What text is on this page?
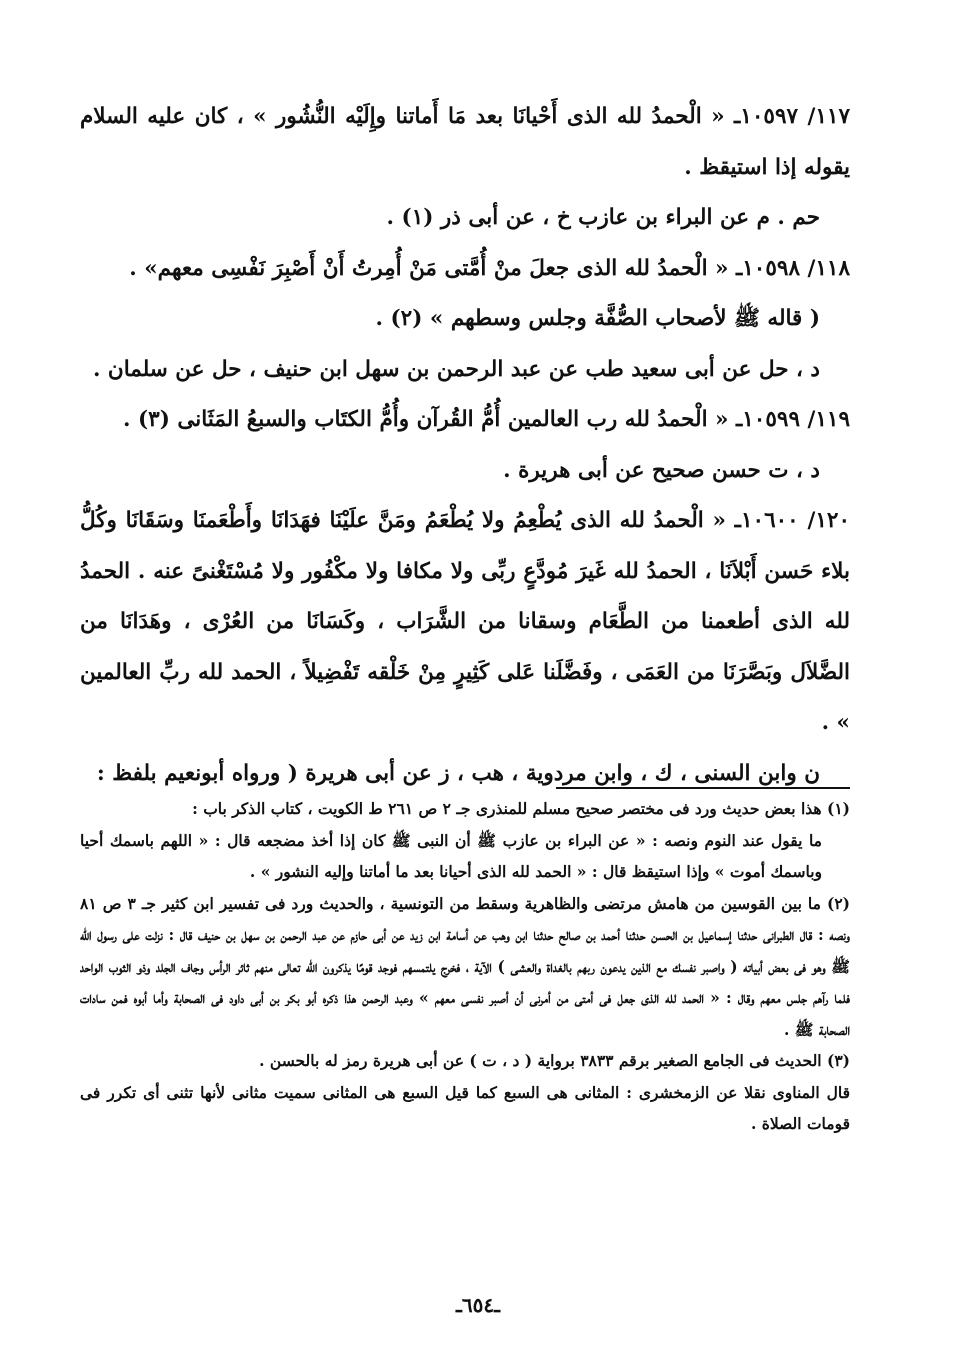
١١٧/ ١٠٥٩٧ـ « الْحمدُ لله الذى أَحْيانَا بعد مَا أَماتنا وإِلَيْه النُّشُور » ، كان عليه السلام يقوله إذا استيقظ .

حم . م عن البراء بن عازب خ ، عن أبى ذر (١) .

١١٨/ ١٠٥٩٨ـ « الْحمدُ لله الذى جعلَ منْ أُمَّتى مَنْ أُمِرتُ أَنْ أَصْبِرَ نَفْسِى معهم» .

( قاله ﷺ لأصحاب الصُّفَّة وجلس وسطهم » (٢) .

د ، حل عن أبى سعيد طب عن عبد الرحمن بن سهل ابن حنيف ، حل عن سلمان .

١١٩/ ١٠٥٩٩ـ « الْحمدُ لله رب العالمين أُمُّ القُرآن وأُمُّ الكتَاب والسبعُ المَثَانى (٣) .

د ، ت حسن صحيح عن أبى هريرة .

١٢٠/ ١٠٦٠٠ـ « الْحمدُ لله الذى يُطْعِمُ ولا يُطْعَمُ ومَنَّ علَيْنَا فهَدَانَا وأَطْعَمنَا وسَقَانَا وكُلُّ بلاء حَسن أَبْلاَنَا ، الحمدُ لله غَيرَ مُودَّعٍ ربِّى ولا مكافا ولا مكْفُور ولا مُسْتَغْنىً عنه . الحمدُ لله الذى أطعمنا من الطَّعَام وسقانا من الشَّرَاب ، وكَسَانَا من العُرْى ، وهَدَانَا من الضَّلاَل وبَصَّرَنَا من العَمَى ، وفَضَّلَنا عَلى كَثِيرٍ مِنْ خَلْقه تَفْضِيلاً ، الحمد لله ربِّ العالمين » .

ن وابن السنى ، ك ، وابن مردوية ، هب ، ز عن أبى هريرة ( ورواه أبونعيم بلفظ :

(١) هذا بعض حديث ورد فى مختصر صحيح مسلم للمنذرى جـ ٢ ص ٢٦١ ط الكويت ، كتاب الذكر باب :

ما يقول عند النوم ونصه : « عن البراء بن عازب ﷺ أن النبى ﷺ كان إذا أخذ مضجعه قال : « اللهم باسمك أحيا وباسمك أموت » وإذا استيقظ قال : « الحمد لله الذى أحيانا بعد ما أماتنا وإليه النشور » .

(٢) ما بين القوسين من هامش مرتضى والظاهرية وسقط من التونسية ، والحديث ورد فى تفسير ابن كثير جـ ٣ ص ٨١ ونصه : قال الطبرانى حدثنا إسماعيل بن الحسن حدثنا أحمد بن صالح حدثنا ابن وهب عن أسامة ابن زيد عن أبى حازم عن عبد الرحمن بن سهل بن حنيف قال : نزلت على رسول الله ﷺ وهو فى بعض أبياته ( واصبر نفسك مع الذين يدعون ربهم بالغداة والعشى ) الآية ، فخرج يلتمسهم فوجد قومًا يذكرون الله تعالى منهم ثائر الرأس وجاف الجلد وذو الثوب الواحد فلما رآهم جلس معهم وقال : « الحمد لله الذى جعل فى أمتى من أمرنى أن أصبر نفسى معهم » وعبد الرحمن هذا ذكره أبو بكر بن أبى داود فى الصحابة وأما أبوه فمن سادات الصحابة ﷺ .

(٣) الحديث فى الجامع الصغير برقم ٣٨٣٣ برواية ( د ، ت ) عن أبى هريرة رمز له بالحسن .

قال المناوى نقلا عن الزمخشرى : المثانى هى السبع كما قيل السبع هى المثانى سميت مثانى لأنها تثنى أى تكرر فى قومات الصلاة .

ـ٦٥٤ـ
